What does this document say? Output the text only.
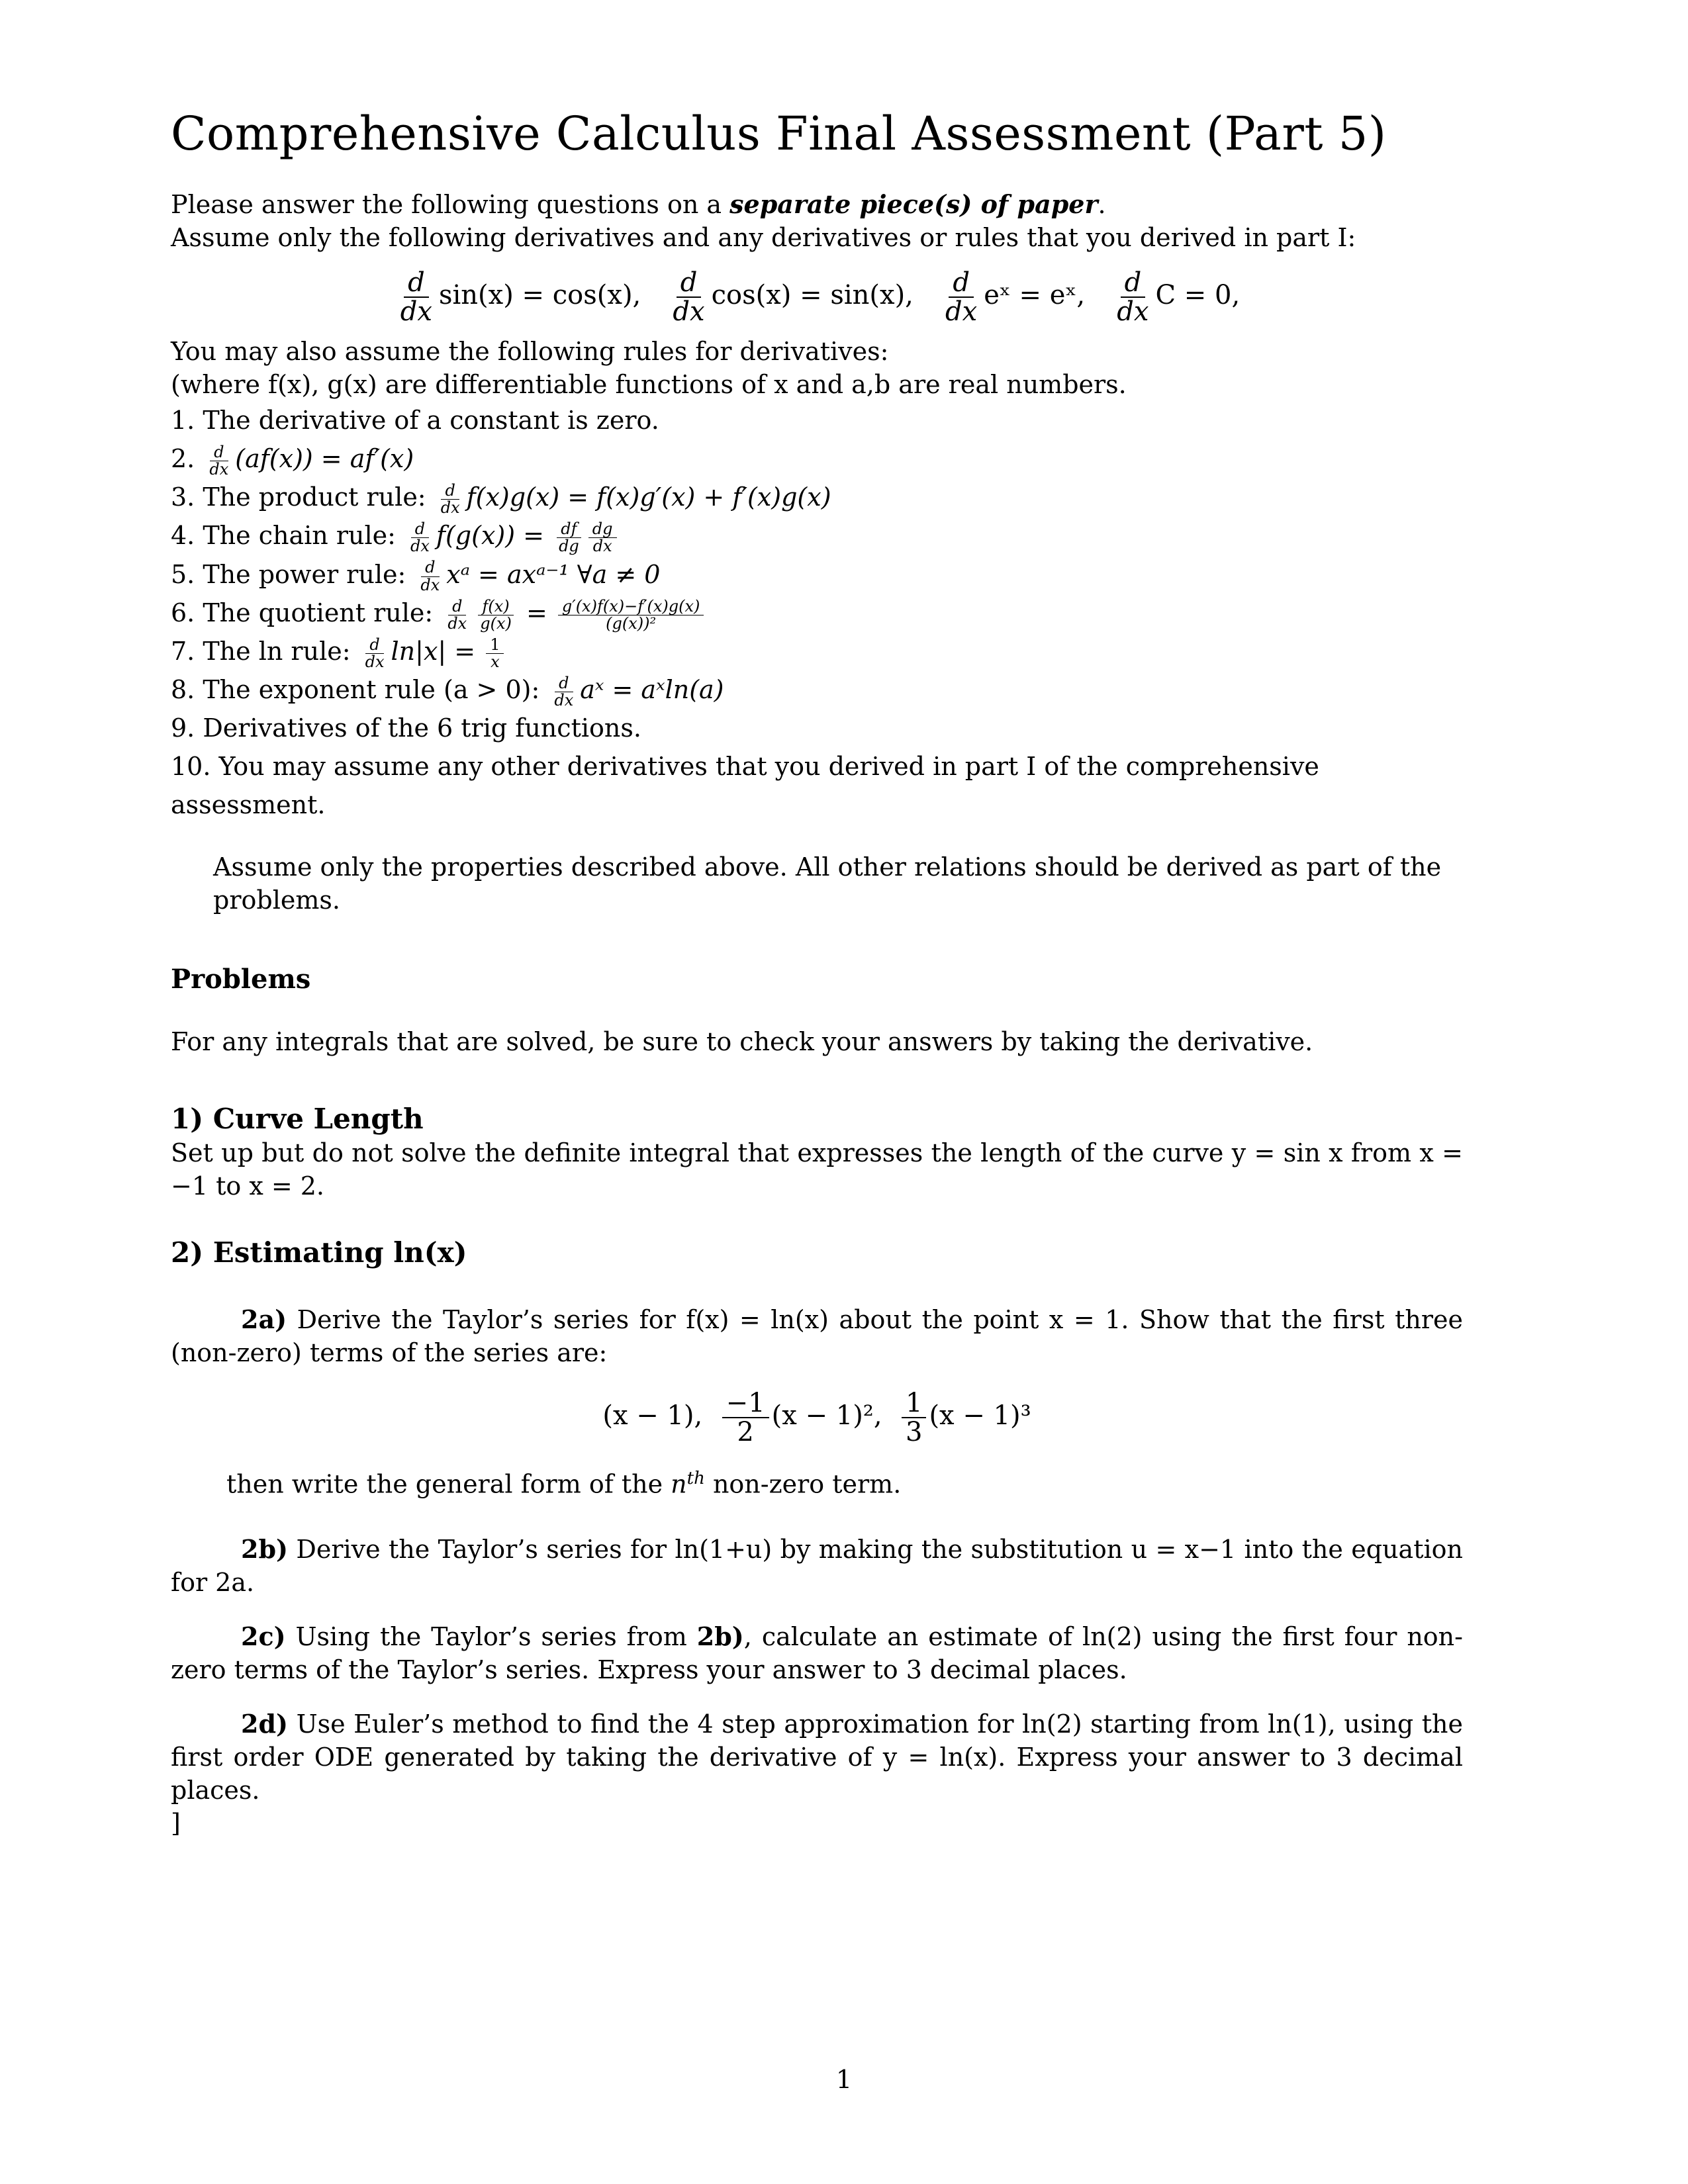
Comprehensive Calculus Final Assessment (Part 5)

Please answer the following questions on a separate piece(s) of paper.

Assume only the following derivatives and any derivatives or rules that you derived in part I:

$\frac{d}{dx} \sin(x) = \cos(x)$, $\frac{d}{dx} \cos(x) = \sin(x)$, $\frac{d}{dx}$ eˣ = eˣ, $\frac{d}{dx}$ C = 0,

You may also assume the following rules for derivatives:

(where f(x), g(x) are differentiable functions of x and a,b are real numbers.

1. The derivative of a constant is zero.

2. $\frac{d}{dx} (af(x)) = af'(x)$

3. The product rule: $\frac{d}{dx} f(x)g(x) = f(x)g'(x) + f'(x)g(x)$

4. The chain rule: $\frac{d}{dx} f(g(x)) = \frac{df}{dg} \frac{dg}{dx}$

5. The power rule: $\frac{d}{dx}$ xᵃ = axᵃ⁻¹ ∀a ≠ 0

6. The quotient rule: $\frac{d}{dx} \frac{f(x)}{g(x)} = \frac{g'(x)f(x)-f'(x)g(x)}{\text{(g(x))²}}$

7. The ln rule: $\frac{d}{dx} \ln|x| = \frac{1}{x}$

8. The exponent rule (a > 0): $\frac{d}{dx}$ aˣ = aˣln(a)

9. Derivatives of the 6 trig functions.

10. You may assume any other derivatives that you derived in part I of the comprehensive assessment.

Assume only the properties described above. All other relations should be derived as part of the problems.

Problems

For any integrals that are solved, be sure to check your answers by taking the derivative.

1) Curve Length

Set up but do not solve the definite integral that expresses the length of the curve y = sin x from x = −1 to x = 2.

2) Estimating ln(x)

2a) Derive the Taylor’s series for f(x) = ln(x) about the point x = 1. Show that the first three (non-zero) terms of the series are:

(x − 1), $\frac{-1}{2} (x - 1)^2$, $\frac{1}{3} (x - 1)^3$

then write the general form of the $n^{th}$ non-zero term.

2b) Derive the Taylor’s series for ln(1+u) by making the substitution u = x−1 into the equation for 2a.

2c) Using the Taylor’s series from 2b), calculate an estimate of ln(2) using the first four non-zero terms of the Taylor’s series. Express your answer to 3 decimal places.

2d) Use Euler’s method to find the 4 step approximation for ln(2) starting from ln(1), using the first order ODE generated by taking the derivative of y = ln(x). Express your answer to 3 decimal places.

]

1
